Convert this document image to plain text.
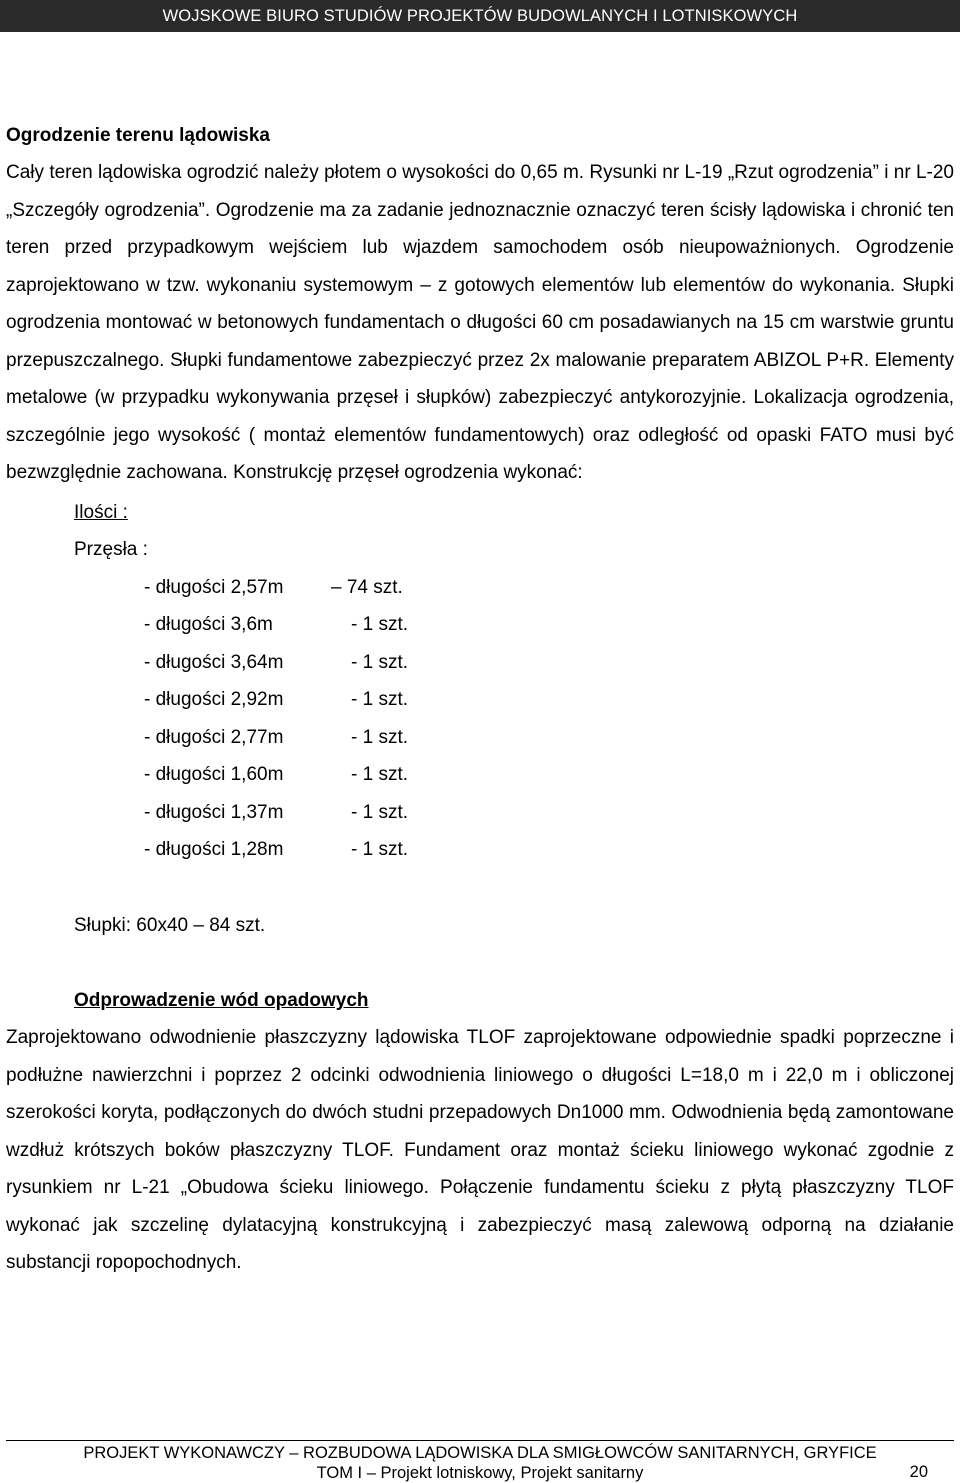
WOJSKOWE BIURO STUDIÓW PROJEKTÓW BUDOWLANYCH I LOTNISKOWYCH
Ogrodzenie terenu lądowiska

Cały teren lądowiska ogrodzić należy płotem o wysokości do 0,65 m. Rysunki nr L-19 „Rzut ogrodzenia” i nr L-20 „Szczegóły ogrodzenia”. Ogrodzenie ma za zadanie jednoznacznie oznaczyć teren ścisły lądowiska i chronić ten teren przed przypadkowym wejściem lub wjazdem samochodem osób nieupoważnionych. Ogrodzenie zaprojektowano w tzw. wykonaniu systemowym – z gotowych elementów lub elementów do wykonania. Słupki ogrodzenia montować w betonowych fundamentach o długości 60 cm posadawianych na 15 cm warstwie gruntu przepuszczalnego. Słupki fundamentowe zabezpieczyć przez 2x malowanie preparatem ABIZOL P+R. Elementy metalowe (w przypadku wykonywania przęseł i słupków) zabezpieczyć antykorozyjnie. Lokalizacja ogrodzenia, szczególnie jego wysokość ( montaż elementów fundamentowych) oraz odległość od opaski FATO musi być bezwzględnie zachowana. Konstrukcję przęseł ogrodzenia wykonać:

Ilości :
Przęsła :
- długości 2,57m	– 74 szt.
- długości 3,6m	- 1 szt.
- długości 3,64m	- 1 szt.
- długości 2,92m	- 1 szt.
- długości 2,77m	- 1 szt.
- długości 1,60m	- 1 szt.
- długości 1,37m	- 1 szt.
- długości 1,28m	- 1 szt.
Słupki: 60x40 – 84 szt.
Odprowadzenie wód opadowych

Zaprojektowano odwodnienie płaszczyzny lądowiska TLOF zaprojektowane odpowiednie spadki poprzeczne i podłużne nawierzchni i poprzez 2 odcinki odwodnienia liniowego o długości L=18,0 m i 22,0 m i obliczonej szerokości koryta, podłączonych do dwóch studni przepadowych Dn1000 mm. Odwodnienia będą zamontowane wzdłuż krótszych boków płaszczyzny TLOF. Fundament oraz montaż ścieku liniowego wykonać zgodnie z rysunkiem nr L-21 „Obudowa ścieku liniowego. Połączenie fundamentu ścieku z płytą płaszczyzny TLOF wykonać jak szczelinę dylatacyjną konstrukcyjną i zabezpieczyć masą zalewową odporną na działanie substancji ropopochodnych.

PROJEKT WYKONAWCZY – ROZBUDOWA LĄDOWISKA DLA SMIGŁOWCÓW SANITARNYCH, GRYFICE
TOM I – Projekt lotniskowy, Projekt sanitarny	20
